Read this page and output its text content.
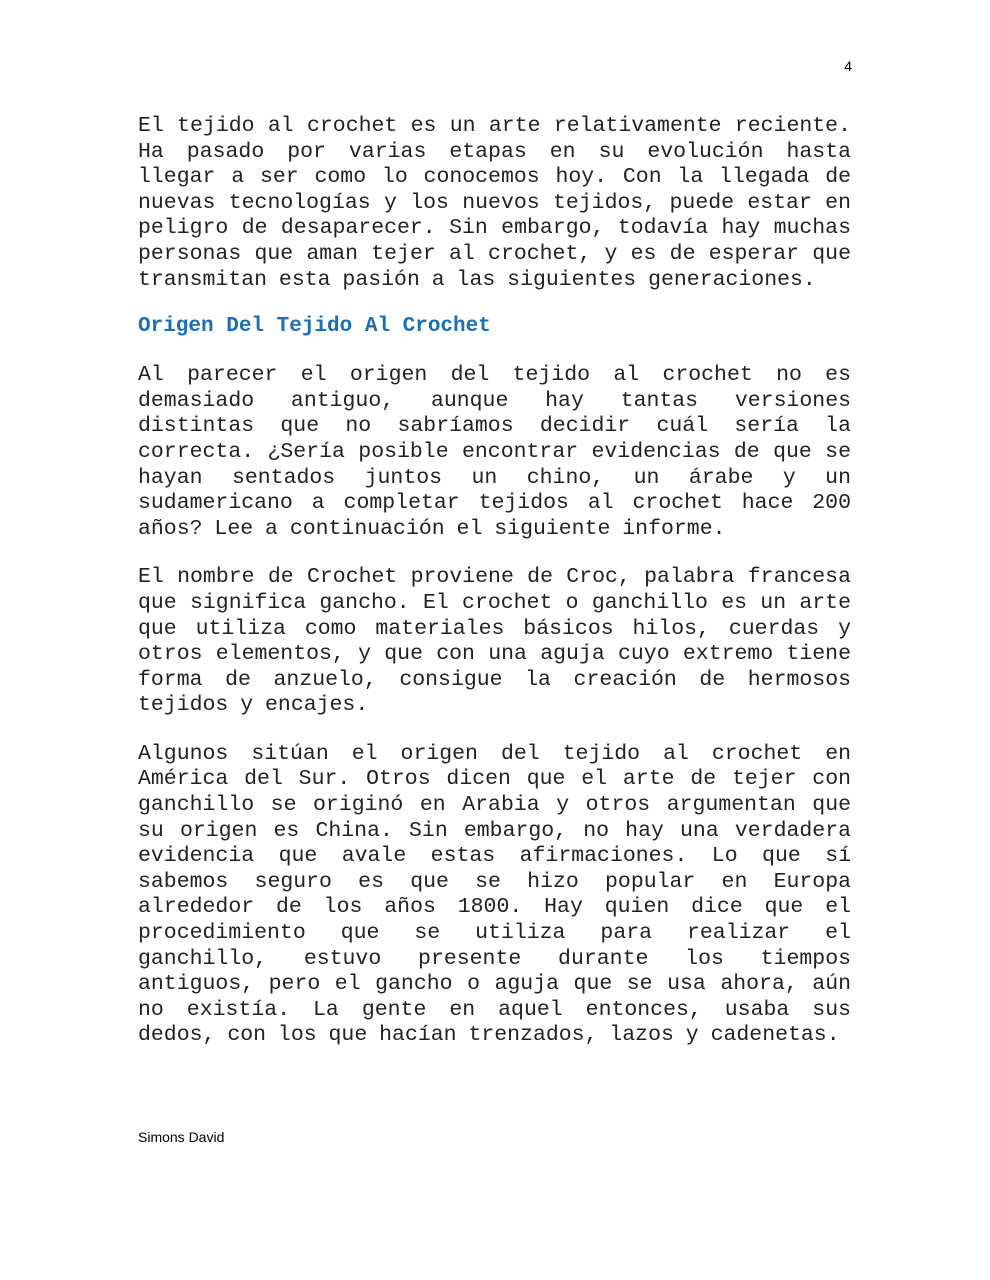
4

El tejido al crochet es un arte relativamente reciente. Ha pasado por varias etapas en su evolución hasta llegar a ser como lo conocemos hoy. Con la llegada de nuevas tecnologías y los nuevos tejidos, puede estar en peligro de desaparecer. Sin embargo, todavía hay muchas personas que aman tejer al crochet, y es de esperar que transmitan esta pasión a las siguientes generaciones.

Origen Del Tejido Al Crochet

Al parecer el origen del tejido al crochet no es demasiado antiguo, aunque hay tantas versiones distintas que no sabríamos decidir cuál sería la correcta. ¿Sería posible encontrar evidencias de que se hayan sentados juntos un chino, un árabe y un sudamericano a completar tejidos al crochet hace 200 años? Lee a continuación el siguiente informe.

El nombre de Crochet proviene de Croc, palabra francesa que significa gancho. El crochet o ganchillo es un arte que utiliza como materiales básicos hilos, cuerdas y otros elementos, y que con una aguja cuyo extremo tiene forma de anzuelo, consigue la creación de hermosos tejidos y encajes.

Algunos sitúan el origen del tejido al crochet en América del Sur. Otros dicen que el arte de tejer con ganchillo se originó en Arabia y otros argumentan que su origen es China. Sin embargo, no hay una verdadera evidencia que avale estas afirmaciones. Lo que sí sabemos seguro es que se hizo popular en Europa alrededor de los años 1800. Hay quien dice que el procedimiento que se utiliza para realizar el ganchillo, estuvo presente durante los tiempos antiguos, pero el gancho o aguja que se usa ahora, aún no existía. La gente en aquel entonces, usaba sus dedos, con los que hacían trenzados, lazos y cadenetas.

Simons David
